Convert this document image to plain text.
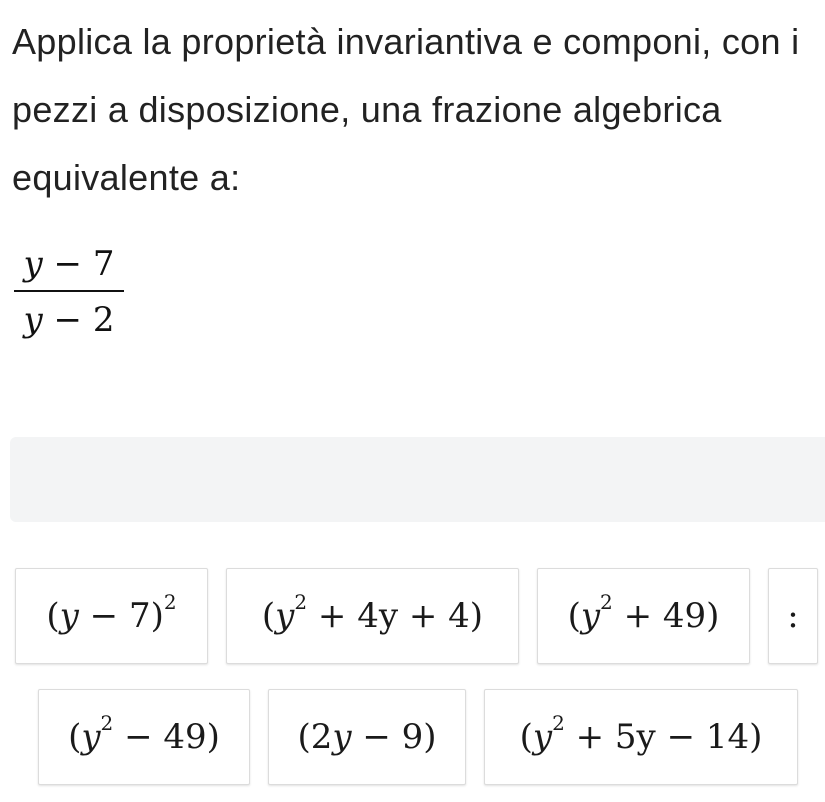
Applica la proprietà invariantiva e componi, con i pezzi a disposizione, una frazione algebrica equivalente a:
y − 7
y − 2
$(y - 7)^2$	$(y^2 + 4y + 4) (y^2 + 49)$ :
$(y^2 - 49) (2y - 9) (y^2 + 5y - 14)$
